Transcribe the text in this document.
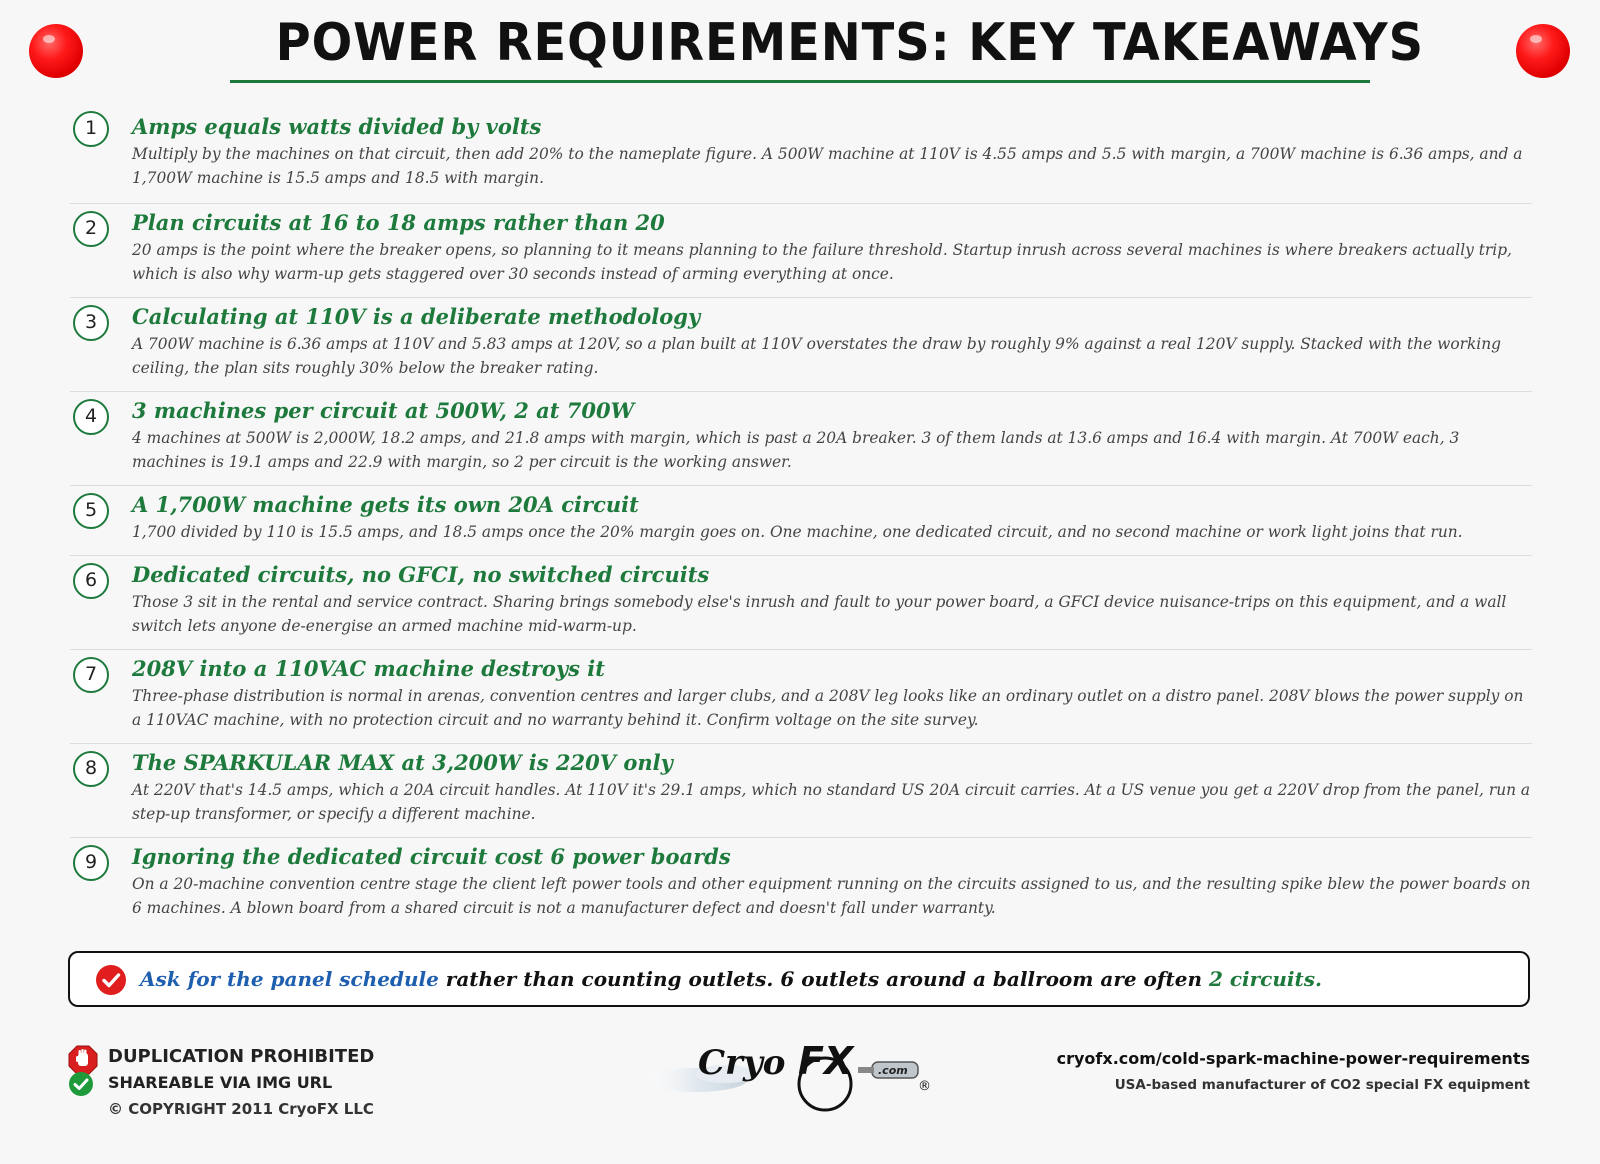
POWER REQUIREMENTS: KEY TAKEAWAYS
1	Amps equals watts divided by volts
Multiply by the machines on that circuit, then add 20% to the nameplate figure. A 500W machine at 110V is 4.55 amps and 5.5 with margin, a 700W machine is 6.36 amps, and a 1,700W machine is 15.5 amps and 18.5 with margin.
2	Plan circuits at 16 to 18 amps rather than 20
20 amps is the point where the breaker opens, so planning to it means planning to the failure threshold. Startup inrush across several machines is where breakers actually trip, which is also why warm-up gets staggered over 30 seconds instead of arming everything at once.
3	Calculating at 110V is a deliberate methodology
A 700W machine is 6.36 amps at 110V and 5.83 amps at 120V, so a plan built at 110V overstates the draw by roughly 9% against a real 120V supply. Stacked with the working ceiling, the plan sits roughly 30% below the breaker rating.
4	3 machines per circuit at 500W, 2 at 700W
4 machines at 500W is 2,000W, 18.2 amps, and 21.8 amps with margin, which is past a 20A breaker. 3 of them lands at 13.6 amps and 16.4 with margin. At 700W each, 3 machines is 19.1 amps and 22.9 with margin, so 2 per circuit is the working answer.
5	A 1,700W machine gets its own 20A circuit
1,700 divided by 110 is 15.5 amps, and 18.5 amps once the 20% margin goes on. One machine, one dedicated circuit, and no second machine or work light joins that run.
6	Dedicated circuits, no GFCI, no switched circuits
Those 3 sit in the rental and service contract. Sharing brings somebody else's inrush and fault to your power board, a GFCI device nuisance-trips on this equipment, and a wall switch lets anyone de-energise an armed machine mid-warm-up.
7	208V into a 110VAC machine destroys it
Three-phase distribution is normal in arenas, convention centres and larger clubs, and a 208V leg looks like an ordinary outlet on a distro panel. 208V blows the power supply on a 110VAC machine, with no protection circuit and no warranty behind it. Confirm voltage on the site survey.
8	The SPARKULAR MAX at 3,200W is 220V only
At 220V that's 14.5 amps, which a 20A circuit handles. At 110V it's 29.1 amps, which no standard US 20A circuit carries. At a US venue you get a 220V drop from the panel, run a step-up transformer, or specify a different machine.
9	Ignoring the dedicated circuit cost 6 power boards
On a 20-machine convention centre stage the client left power tools and other equipment running on the circuits assigned to us, and the resulting spike blew the power boards on 6 machines. A blown board from a shared circuit is not a manufacturer defect and doesn't fall under warranty.
Ask for the panel schedule rather than counting outlets. 6 outlets around a ballroom are often 2 circuits.
DUPLICATION PROHIBITED
SHAREABLE VIA IMG URL
© COPYRIGHT 2011 CryoFX LLC
Cryo FX .com
®
cryofx.com/cold-spark-machine-power-requirements
USA-based manufacturer of CO2 special FX equipment
